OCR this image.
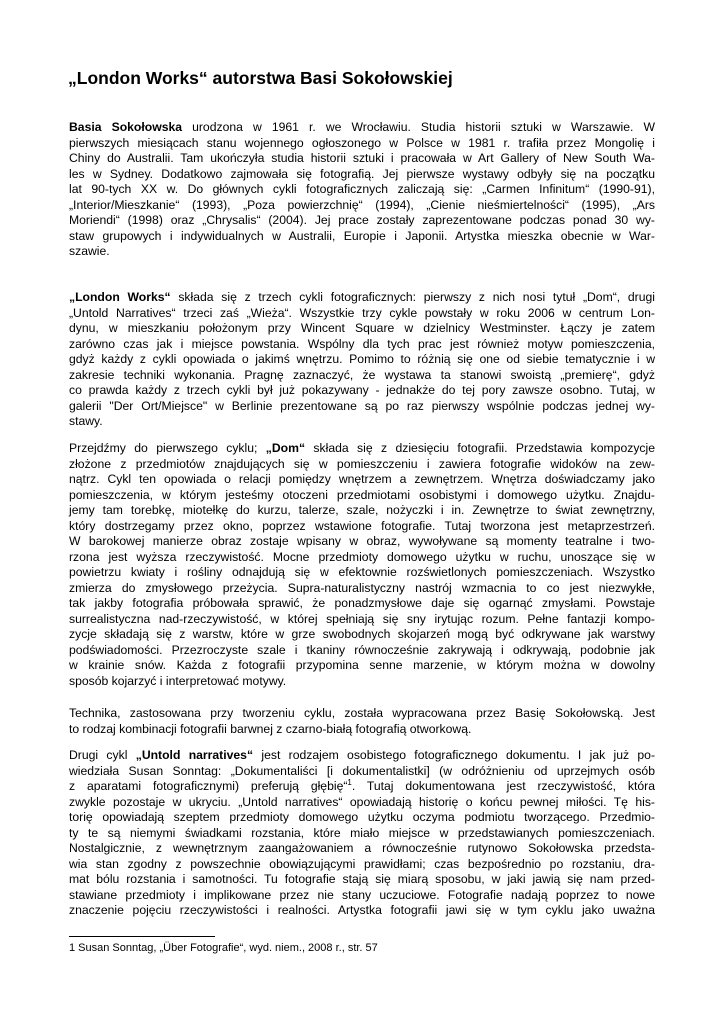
„London Works“ autorstwa Basi Sokołowskiej
Basia Sokołowska urodzona w 1961 r. we Wrocławiu. Studia historii sztuki w Warszawie. W
pierwszych miesiącach stanu wojennego ogłoszonego w Polsce w 1981 r. trafiła przez Mongolię i
Chiny do Australii. Tam ukończyła studia historii sztuki i pracowała w Art Gallery of New South Wa-
les w Sydney. Dodatkowo zajmowała się fotografią. Jej pierwsze wystawy odbyły się na początku
lat 90-tych XX w. Do głównych cykli fotograficznych zaliczają się: „Carmen Infinitum“ (1990-91),
„Interior/Mieszkanie“ (1993), „Poza powierzchnię“ (1994), „Cienie nieśmiertelności“ (1995), „Ars
Moriendi“ (1998) oraz „Chrysalis“ (2004). Jej prace zostały zaprezentowane podczas ponad 30 wy-
staw grupowych i indywidualnych w Australii, Europie i Japonii. Artystka mieszka obecnie w War-
szawie.
„London Works“ składa się z trzech cykli fotograficznych: pierwszy z nich nosi tytuł „Dom“, drugi
„Untold Narratives“ trzeci zaś „Wieża“. Wszystkie trzy cykle powstały w roku 2006 w centrum Lon-
dynu, w mieszkaniu położonym przy Wincent Square w dzielnicy Westminster. Łączy je zatem
zarówno czas jak i miejsce powstania. Wspólny dla tych prac jest również motyw pomieszczenia,
gdyż każdy z cykli opowiada o jakimś wnętrzu. Pomimo to różnią się one od siebie tematycznie i w
zakresie techniki wykonania. Pragnę zaznaczyć, że wystawa ta stanowi swoistą „premierę“, gdyż
co prawda każdy z trzech cykli był już pokazywany - jednakże do tej pory zawsze osobno. Tutaj, w
galerii "Der Ort/Miejsce" w Berlinie prezentowane są po raz pierwszy wspólnie podczas jednej wy-
stawy.
Przejdźmy do pierwszego cyklu; „Dom“ składa się z dziesięciu fotografii. Przedstawia kompozycje
złożone z przedmiotów znajdujących się w pomieszczeniu i zawiera fotografie widoków na zew-
nątrz. Cykl ten opowiada o relacji pomiędzy wnętrzem a zewnętrzem. Wnętrza doświadczamy jako
pomieszczenia, w którym jesteśmy otoczeni przedmiotami osobistymi i domowego użytku. Znajdu-
jemy tam torebkę, miotełkę do kurzu, talerze, szale, nożyczki i in. Zewnętrze to świat zewnętrzny,
który dostrzegamy przez okno, poprzez wstawione fotografie. Tutaj tworzona jest metaprzestrzeń.
W barokowej manierze obraz zostaje wpisany w obraz, wywoływane są momenty teatralne i two-
rzona jest wyższa rzeczywistość. Mocne przedmioty domowego użytku w ruchu, unoszące się w
powietrzu kwiaty i rośliny odnajdują się w efektownie rozświetlonych pomieszczeniach. Wszystko
zmierza do zmysłowego przeżycia. Supra-naturalistyczny nastrój wzmacnia to co jest niezwykłe,
tak jakby fotografia próbowała sprawić, że ponadzmysłowe daje się ogarnąć zmysłami. Powstaje
surrealistyczna nad-rzeczywistość, w której spełniają się sny irytując rozum. Pełne fantazji kompo-
zycje składają się z warstw, które w grze swobodnych skojarzeń mogą być odkrywane jak warstwy
podświadomości. Przezroczyste szale i tkaniny równocześnie zakrywają i odkrywają, podobnie jak
w krainie snów. Każda z fotografii przypomina senne marzenie, w którym można w dowolny
sposób kojarzyć i interpretować motywy.
Technika, zastosowana przy tworzeniu cyklu, została wypracowana przez Basię Sokołowską. Jest
to rodzaj kombinacji fotografii barwnej z czarno-białą fotografią otworkową.
Drugi cykl „Untold narratives“ jest rodzajem osobistego fotograficznego dokumentu. I jak już po-
wiedziała Susan Sonntag: „Dokumentaliści [i dokumentalistki] (w odróżnieniu od uprzejmych osób
z aparatami fotograficznymi) preferują głębię“$^1$. Tutaj dokumentowana jest rzeczywistość, która
zwykle pozostaje w ukryciu. „Untold narratives“ opowiadają historię o końcu pewnej miłości. Tę his-
torię opowiadają szeptem przedmioty domowego użytku oczyma podmiotu tworzącego. Przedmio-
ty te są niemymi świadkami rozstania, które miało miejsce w przedstawianych pomieszczeniach.
Nostalgicznie, z wewnętrznym zaangażowaniem a równocześnie rutynowo Sokołowska przedsta-
wia stan zgodny z powszechnie obowiązującymi prawidłami; czas bezpośrednio po rozstaniu, dra-
mat bólu rozstania i samotności. Tu fotografie stają się miarą sposobu, w jaki jawią się nam przed-
stawiane przedmioty i implikowane przez nie stany uczuciowe. Fotografie nadają poprzez to nowe
znaczenie pojęciu rzeczywistości i realności. Artystka fotografii jawi się w tym cyklu jako uważna

1 Susan Sonntag, „Über Fotografie“, wyd. niem., 2008 r., str. 57
